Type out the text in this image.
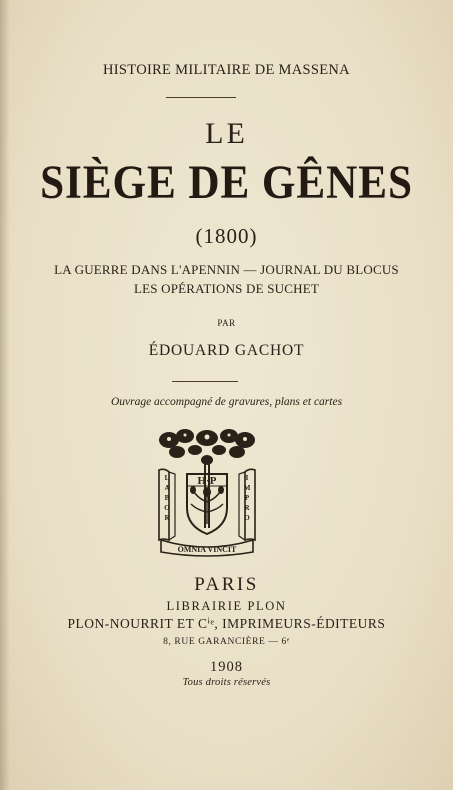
HISTOIRE MILITAIRE DE MASSENA
LE
SIÈGE DE GÊNES
(1800)
LA GUERRE DANS L'APENNIN — JOURNAL DU BLOCUS
LES OPÉRATIONS DE SUCHET
PAR
ÉDOUARD GACHOT
Ouvrage accompagné de gravures, plans et cartes
H·P
L
A
B
O
R
I
M
P
R
O
OMNIA VINCIT
PARIS
LIBRAIRIE PLON
PLON-NOURRIT ET Cⁱᵉ, IMPRIMEURS-ÉDITEURS
8, RUE GARANCIÈRE — 6ᵉ
1908
Tous droits réservés
